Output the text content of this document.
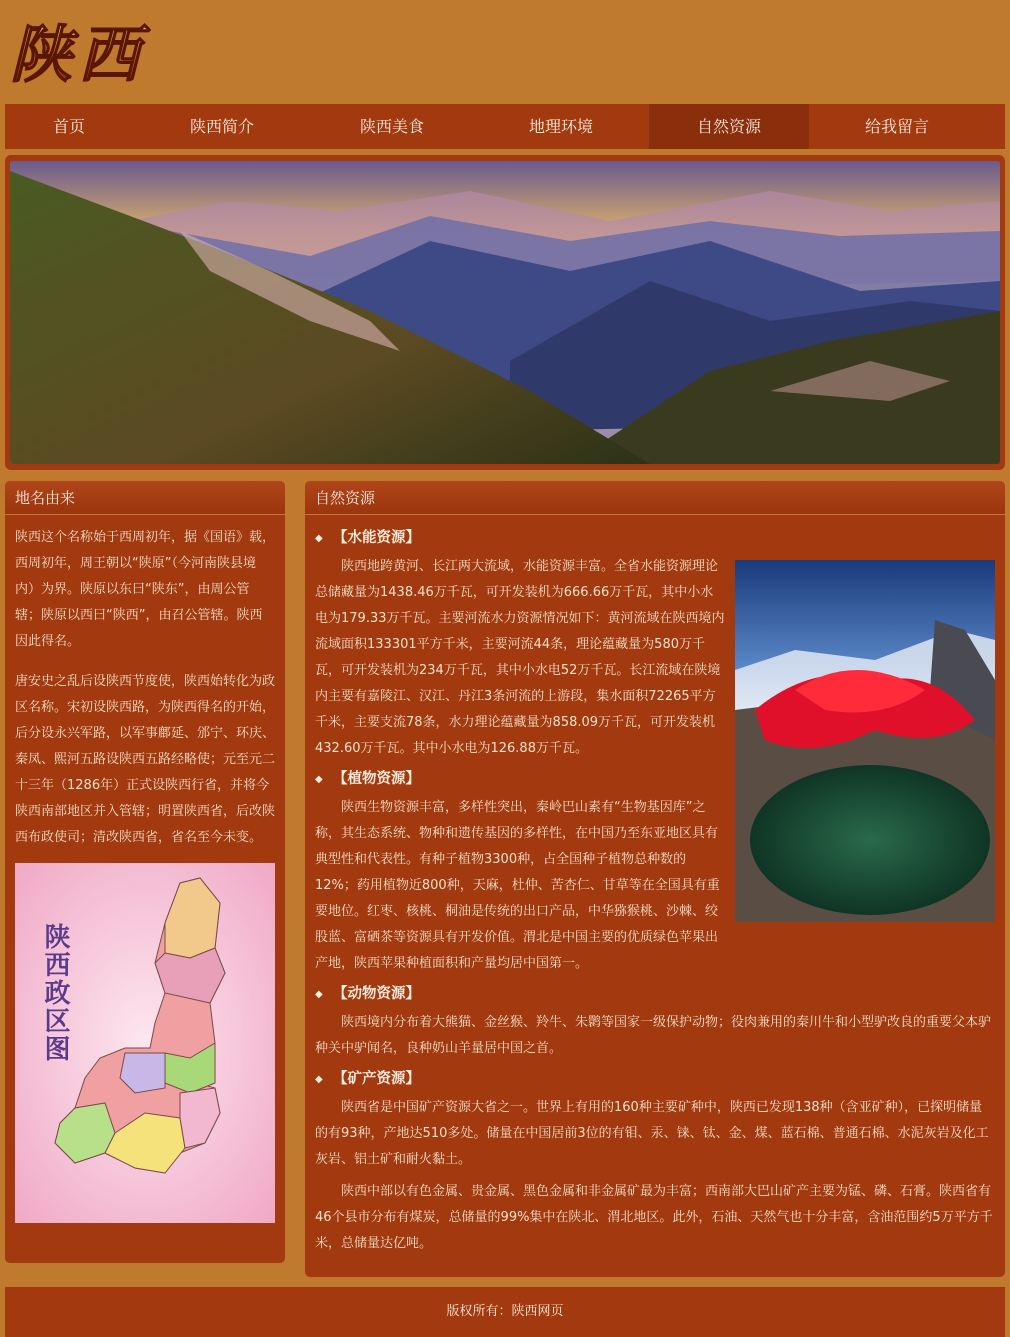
陕西
首页	陕西简介	陕西美食	地理环境	自然资源	给我留言
地名由来

陕西这个名称始于西周初年，据《国语》载，西周初年，周王朝以“陕原”（今河南陕县境内）为界。陕原以东曰“陕东”，由周公管辖；陕原以西曰“陕西”，由召公管辖。陕西因此得名。

唐安史之乱后设陕西节度使，陕西始转化为政区名称。宋初设陕西路，为陕西得名的开始，后分设永兴军路，以军事鄜延、邠宁、环庆、秦凤、熙河五路设陕西五路经略使；元至元二十三年（1286年）正式设陕西行省，并将今陕西南部地区并入管辖；明置陕西省，后改陕西布政使司；清改陕西省，省名至今未变。

陕西政区图
自然资源
◆ 【水能资源】

陕西地跨黄河、长江两大流域，水能资源丰富。全省水能资源理论总储藏量为1438.46万千瓦，可开发装机为666.66万千瓦，其中小水电为179.33万千瓦。主要河流水力资源情况如下：黄河流域在陕西境内流域面积133301平方千米，主要河流44条，理论蕴藏量为580万千瓦，可开发装机为234万千瓦，其中小水电52万千瓦。长江流域在陕境内主要有嘉陵江、汉江、丹江3条河流的上游段，集水面积72265平方千米，主要支流78条，水力理论蕴藏量为858.09万千瓦，可开发装机432.60万千瓦。其中小水电为126.88万千瓦。

◆ 【植物资源】

陕西生物资源丰富，多样性突出，秦岭巴山素有“生物基因库”之称，其生态系统、物种和遗传基因的多样性，在中国乃至东亚地区具有典型性和代表性。有种子植物3300种，占全国种子植物总种数的12%；药用植物近800种，天麻，杜仲、苦杏仁、甘草等在全国具有重要地位。红枣、核桃、桐油是传统的出口产品，中华猕猴桃、沙棘、绞股蓝、富硒茶等资源具有开发价值。渭北是中国主要的优质绿色苹果出产地，陕西苹果种植面积和产量均居中国第一。

◆ 【动物资源】

陕西境内分布着大熊猫、金丝猴、羚牛、朱鹮等国家一级保护动物；役肉兼用的秦川牛和小型驴改良的重要父本驴种关中驴闻名，良种奶山羊量居中国之首。

◆ 【矿产资源】

陕西省是中国矿产资源大省之一。世界上有用的160种主要矿种中，陕西已发现138种（含亚矿种），已探明储量的有93种，产地达510多处。储量在中国居前3位的有钼、汞、铼、钛、金、煤、蓝石棉、普通石棉、水泥灰岩及化工灰岩、铝土矿和耐火黏土。

陕西中部以有色金属、贵金属、黑色金属和非金属矿最为丰富；西南部大巴山矿产主要为锰、磷、石膏。陕西省有46个县市分布有煤炭，总储量的99%集中在陕北、渭北地区。此外，石油、天然气也十分丰富，含油范围约5万平方千米，总储量达亿吨。

版权所有：陕西网页
